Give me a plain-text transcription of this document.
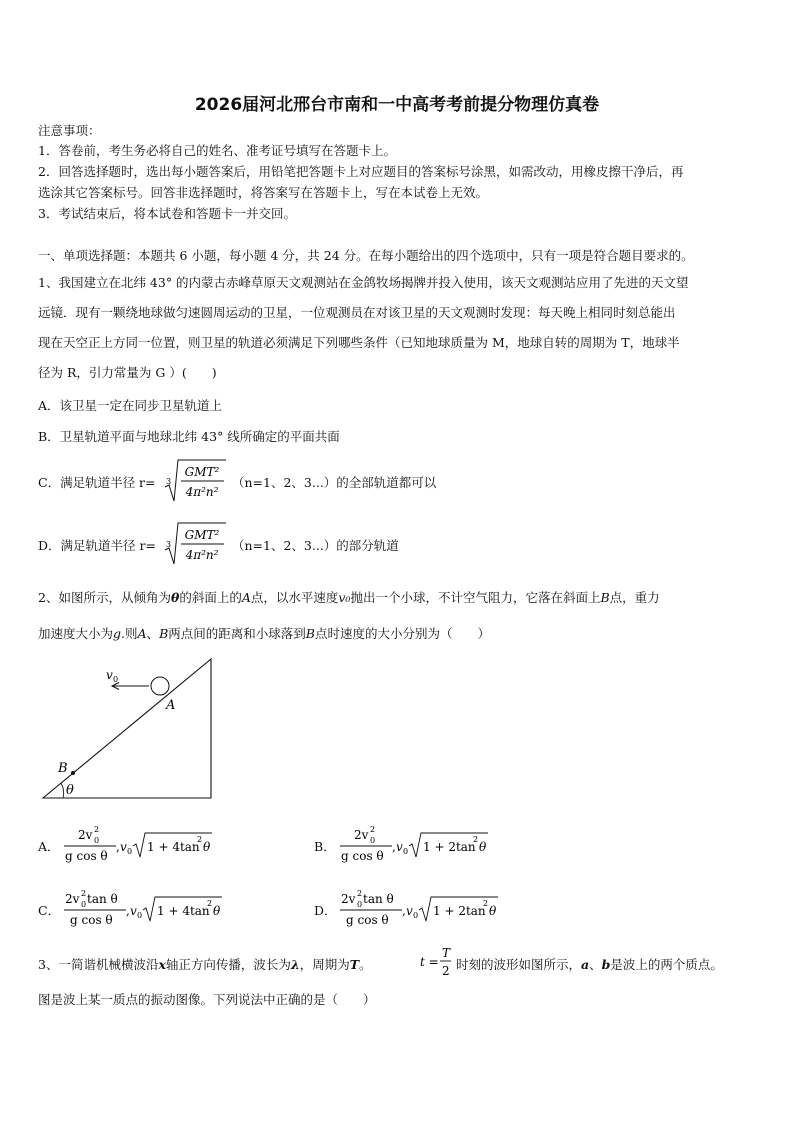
2026届河北邢台市南和一中高考考前提分物理仿真卷
注意事项：
1．答卷前，考生务必将自己的姓名、准考证号填写在答题卡上。
2．回答选择题时，选出每小题答案后，用铅笔把答题卡上对应题目的答案标号涂黑，如需改动，用橡皮擦干净后，再
选涂其它答案标号。回答非选择题时，将答案写在答题卡上，写在本试卷上无效。
3．考试结束后，将本试卷和答题卡一并交回。
一、单项选择题：本题共 6 小题，每小题 4 分，共 24 分。在每小题给出的四个选项中，只有一项是符合题目要求的。
1、我国建立在北纬 43° 的内蒙古赤峰草原天文观测站在金鸽牧场揭牌并投入使用，该天文观测站应用了先进的天文望
远镜．现有一颗绕地球做匀速圆周运动的卫星，一位观测员在对该卫星的天文观测时发现：每天晚上相同时刻总能出
现在天空正上方同一位置，则卫星的轨道必须满足下列哪些条件（已知地球质量为 M，地球自转的周期为 T，地球半
径为 R，引力常量为 G ）(　　)
A．该卫星一定在同步卫星轨道上
B．卫星轨道平面与地球北纬 43° 线所确定的平面共面
C．满足轨道半径 r= 3
GMT²
4π²n²
（n=1、2、3...）的全部轨道都可以
D．满足轨道半径 r= 3
GMT²
4π²n²
（n=1、2、3...）的部分轨道
2、如图所示，从倾角为θ的斜面上的A点，以水平速度v₀抛出一个小球，不计空气阻力，它落在斜面上B点，重力
加速度大小为g.则A、B两点间的距离和小球落到B点时速度的大小分别为（　　）
v 0
A
B
θ
A．
2v 2
0
g cos θ
, v 0 1 + 4tan
2
θ	B．
2v 2
0
g cos θ
, v 0 1 + 2tan
2
θ
C．
2v 2
0 tan θ
g cos θ
, v 0 1 + 4tan
2
θ	D．
2v 2
0 tan θ
g cos θ
, v 0 1 + 2tan
2
θ
3、一简谐机械横波沿x轴正方向传播，波长为λ，周期为T。	t =
T
2 时刻的波形如图所示，a、b是波上的两个质点。
图是波上某一质点的振动图像。下列说法中正确的是（　　）
